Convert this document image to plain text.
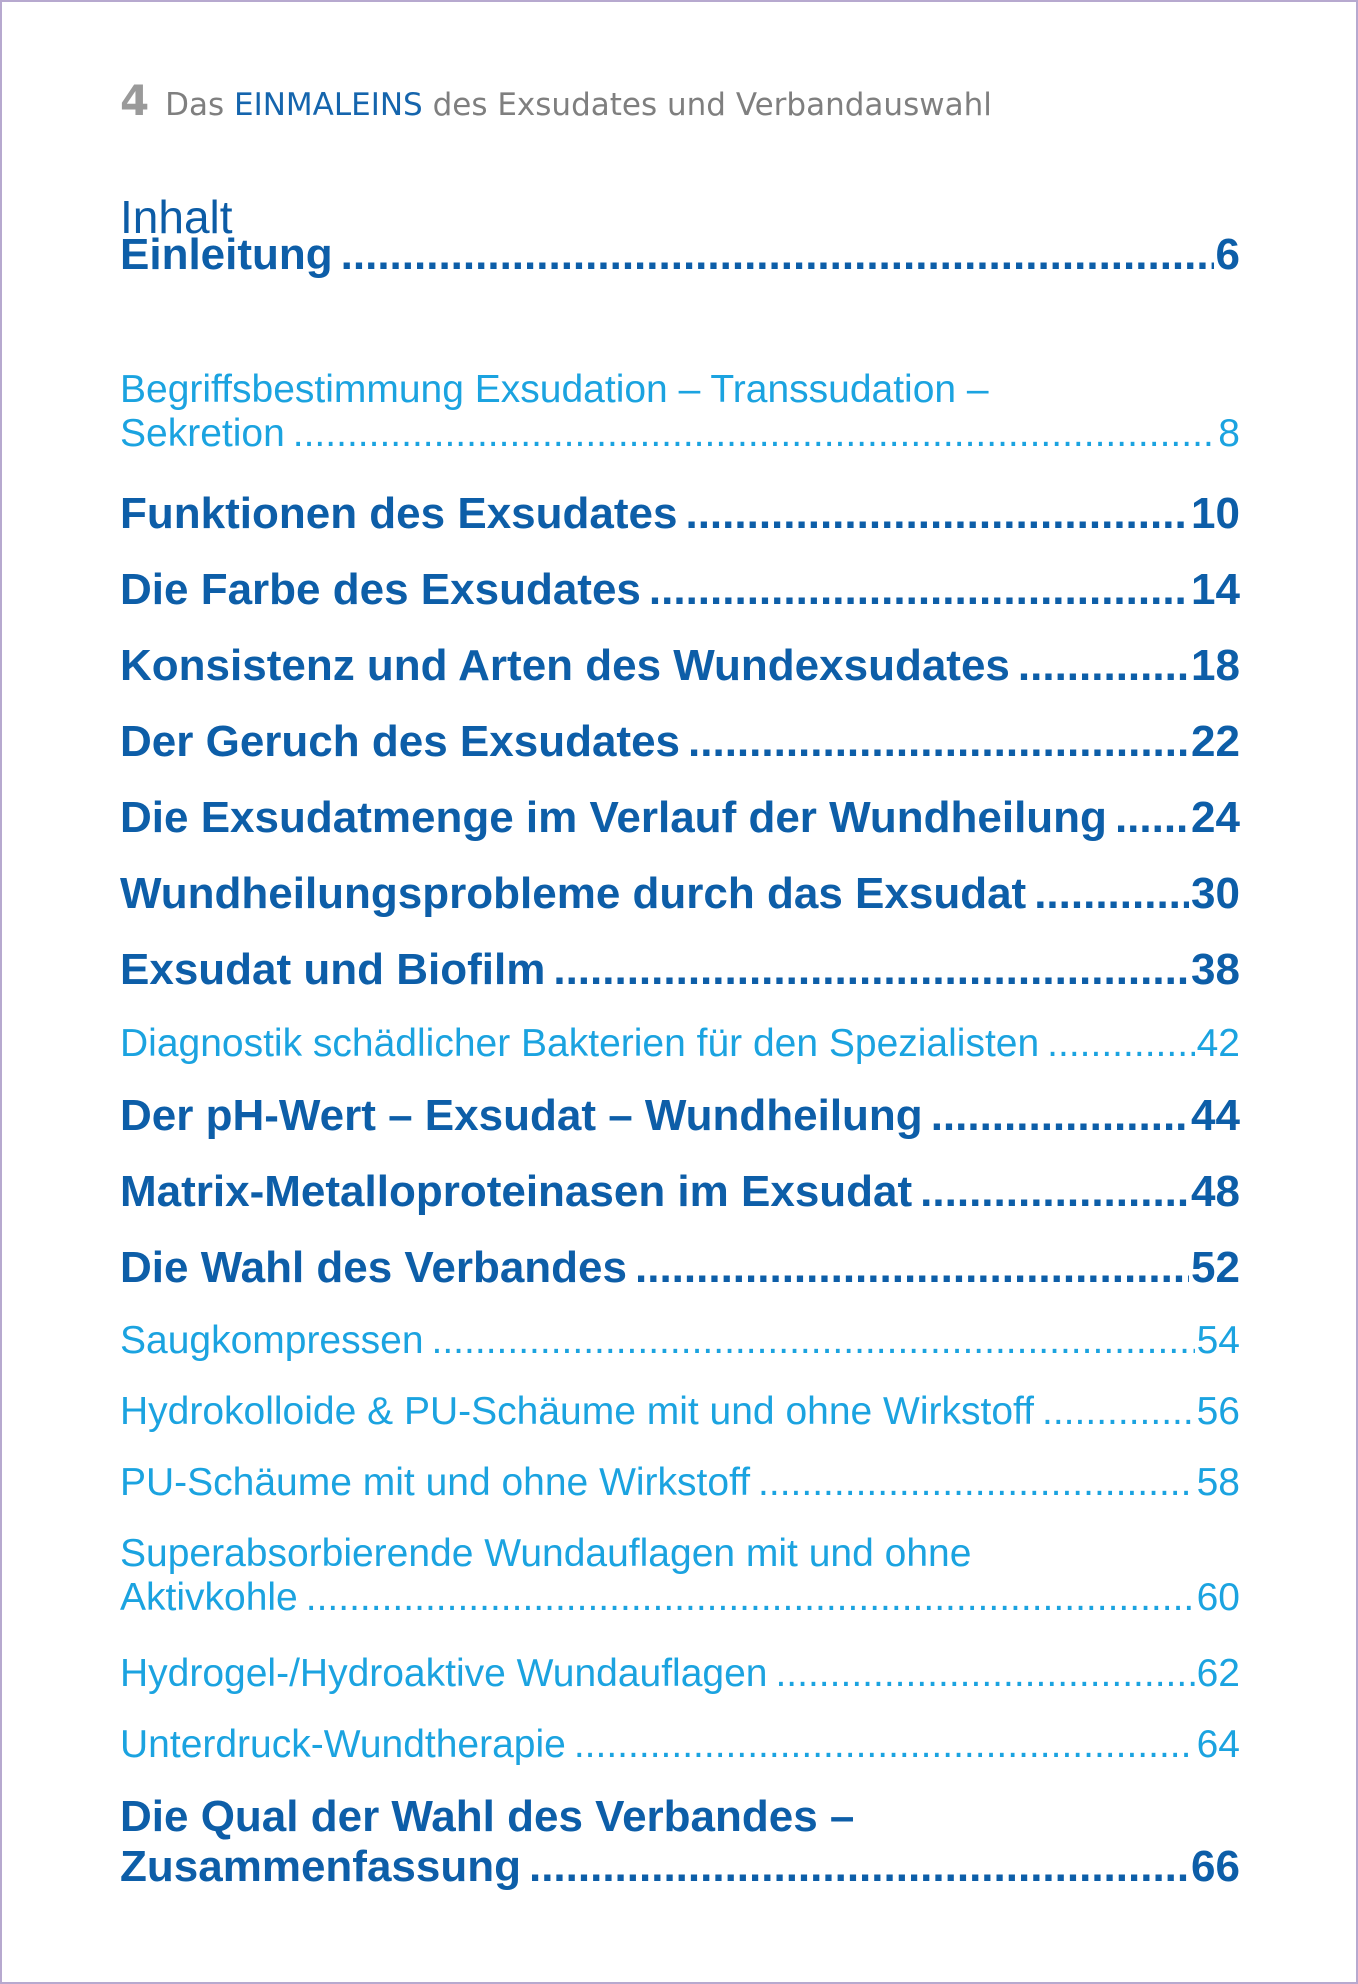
4 Das EINMALEINS des Exsudates und Verbandauswahl
Inhalt
Einleitung .....	6
Begriffsbestimmung Exsudation – Transsudation –
Sekretion .....	8
Funktionen des Exsudates .....	10
Die Farbe des Exsudates .....	14
Konsistenz und Arten des Wundexsudates .....	18
Der Geruch des Exsudates .....	22
Die Exsudatmenge im Verlauf der Wundheilung ..... 24
Wundheilungsprobleme durch das Exsudat .....	30
Exsudat und Biofilm .....	38
Diagnostik schädlicher Bakterien für den Spezialisten .....	42
Der pH-Wert – Exsudat – Wundheilung .....	44
Matrix-Metalloproteinasen im Exsudat .....	48
Die Wahl des Verbandes .....	52
Saugkompressen .....	54
Hydrokolloide & PU-Schäume mit und ohne Wirkstoff .....	56
PU-Schäume mit und ohne Wirkstoff .....	58
Superabsorbierende Wundauflagen mit und ohne
Aktivkohle .....	60
Hydrogel-/Hydroaktive Wundauflagen .....	62
Unterdruck-Wundtherapie .....	64
Die Qual der Wahl des Verbandes –
Zusammenfassung .....	66
